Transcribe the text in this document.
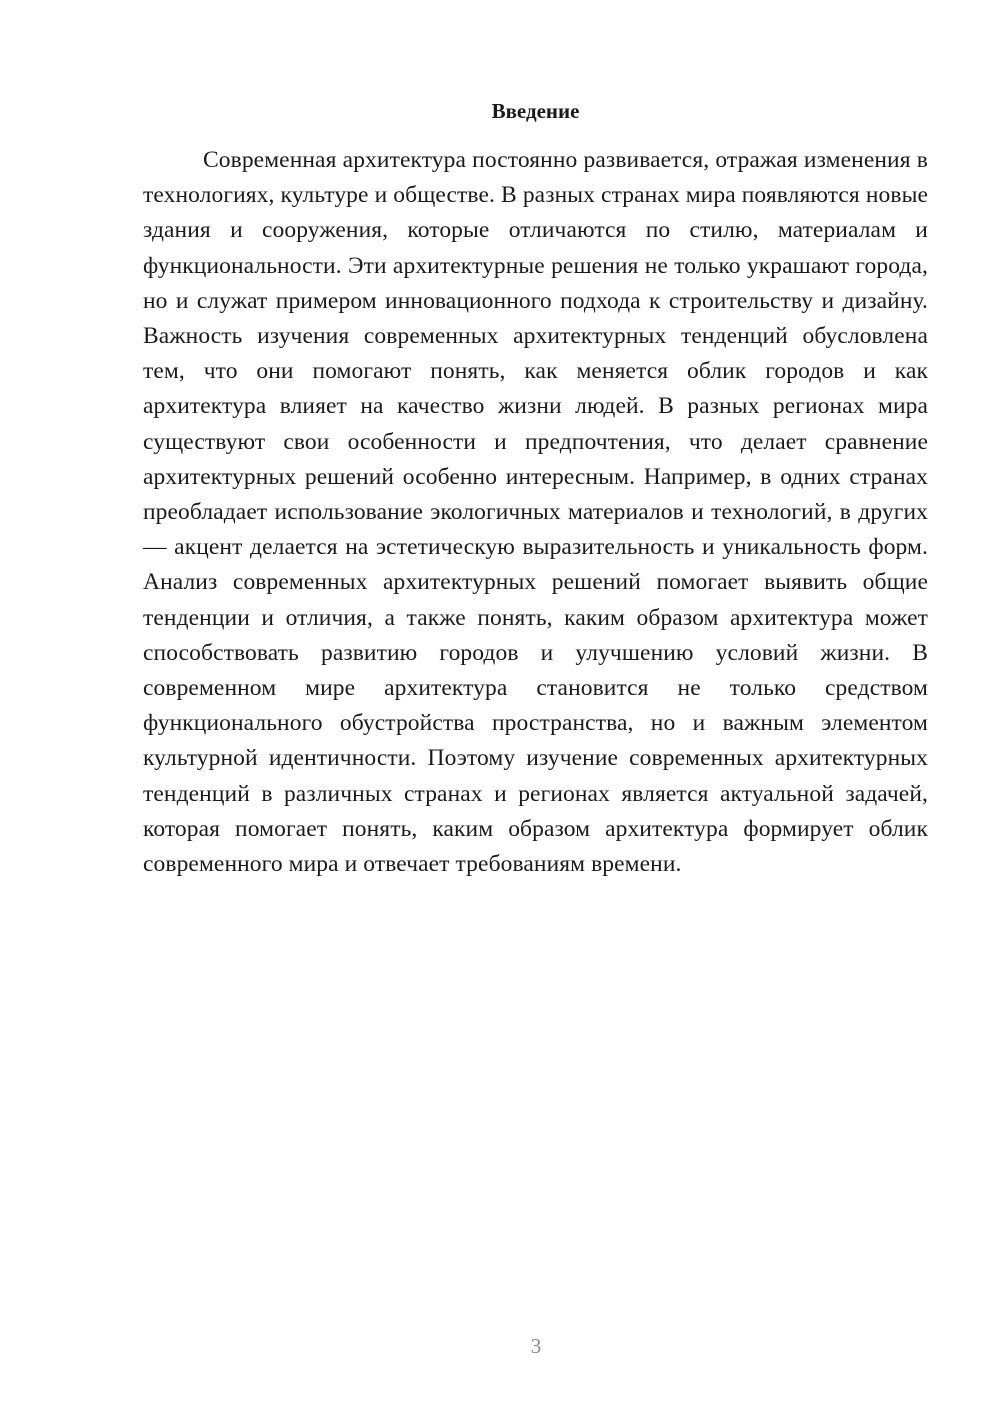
Введение

Современная архитектура постоянно развивается, отражая изменения в технологиях, культуре и обществе. В разных странах мира появляются новые здания и сооружения, которые отличаются по стилю, материалам и функциональности. Эти архитектурные решения не только украшают города, но и служат примером инновационного подхода к строительству и дизайну. Важность изучения современных архитектурных тенденций обусловлена тем, что они помогают понять, как меняется облик городов и как архитектура влияет на качество жизни людей. В разных регионах мира существуют свои особенности и предпочтения, что делает сравнение архитектурных решений особенно интересным. Например, в одних странах преобладает использование экологичных материалов и технологий, в других — акцент делается на эстетическую выразительность и уникальность форм. Анализ современных архитектурных решений помогает выявить общие тенденции и отличия, а также понять, каким образом архитектура может способствовать развитию городов и улучшению условий жизни. В современном мире архитектура становится не только средством функционального обустройства пространства, но и важным элементом культурной идентичности. Поэтому изучение современных архитектурных тенденций в различных странах и регионах является актуальной задачей, которая помогает понять, каким образом архитектура формирует облик современного мира и отвечает требованиям времени.

3
